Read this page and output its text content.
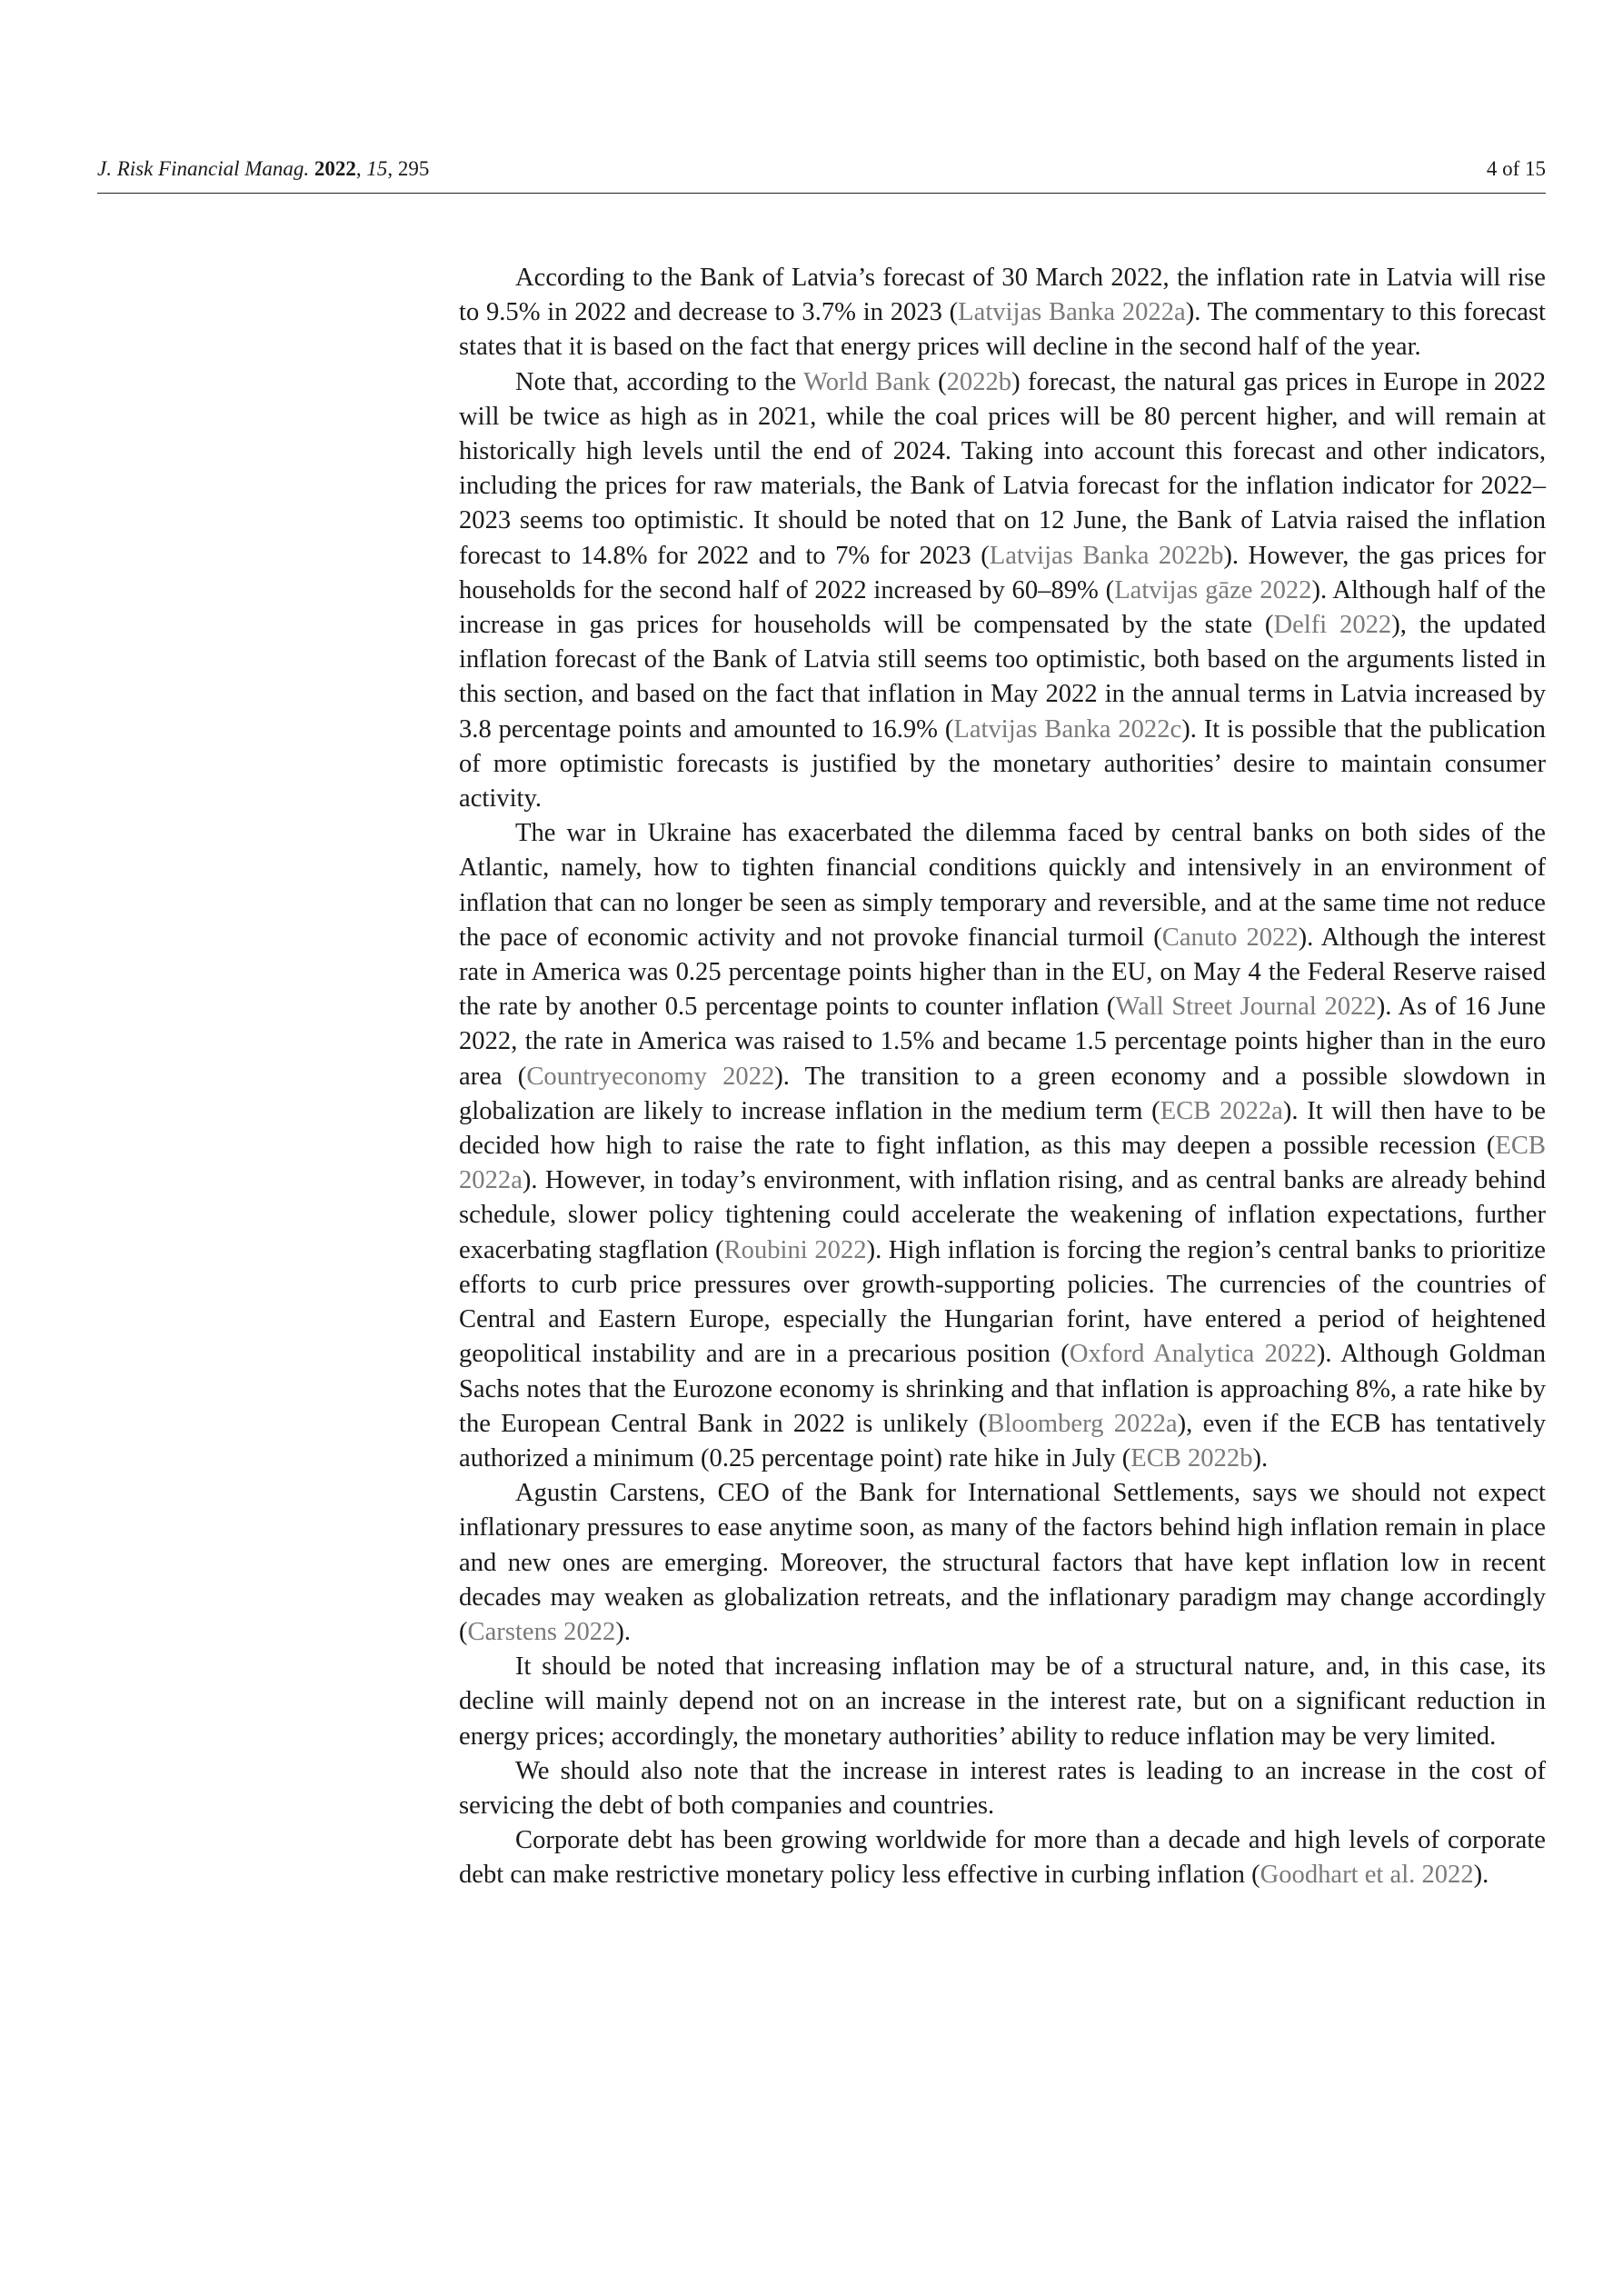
J. Risk Financial Manag. 2022, 15, 295	4 of 15

According to the Bank of Latvia’s forecast of 30 March 2022, the inflation rate in Latvia will rise to 9.5% in 2022 and decrease to 3.7% in 2023 (Latvijas Banka 2022a). The commentary to this forecast states that it is based on the fact that energy prices will decline in the second half of the year.

Note that, according to the World Bank (2022b) forecast, the natural gas prices in Europe in 2022 will be twice as high as in 2021, while the coal prices will be 80 percent higher, and will remain at historically high levels until the end of 2024. Taking into account this forecast and other indicators, including the prices for raw materials, the Bank of Latvia forecast for the inflation indicator for 2022–2023 seems too optimistic. It should be noted that on 12 June, the Bank of Latvia raised the inflation forecast to 14.8% for 2022 and to 7% for 2023 (Latvijas Banka 2022b). However, the gas prices for households for the second half of 2022 increased by 60–89% (Latvijas gāze 2022). Although half of the increase in gas prices for households will be compensated by the state (Delfi 2022), the updated inflation forecast of the Bank of Latvia still seems too optimistic, both based on the arguments listed in this section, and based on the fact that inflation in May 2022 in the annual terms in Latvia increased by 3.8 percentage points and amounted to 16.9% (Latvijas Banka 2022c). It is possible that the publication of more optimistic forecasts is justified by the monetary authorities’ desire to maintain consumer activity.

The war in Ukraine has exacerbated the dilemma faced by central banks on both sides of the Atlantic, namely, how to tighten financial conditions quickly and intensively in an environment of inflation that can no longer be seen as simply temporary and reversible, and at the same time not reduce the pace of economic activity and not provoke financial turmoil (Canuto 2022). Although the interest rate in America was 0.25 percentage points higher than in the EU, on May 4 the Federal Reserve raised the rate by another 0.5 percentage points to counter inflation (Wall Street Journal 2022). As of 16 June 2022, the rate in America was raised to 1.5% and became 1.5 percentage points higher than in the euro area (Countryeconomy 2022). The transition to a green economy and a possible slowdown in globalization are likely to increase inflation in the medium term (ECB 2022a). It will then have to be decided how high to raise the rate to fight inflation, as this may deepen a possible recession (ECB 2022a). However, in today’s environment, with inflation rising, and as central banks are already behind schedule, slower policy tightening could accelerate the weakening of inflation expectations, further exacerbating stagflation (Roubini 2022). High inflation is forcing the region’s central banks to prioritize efforts to curb price pressures over growth-supporting policies. The currencies of the countries of Central and Eastern Europe, especially the Hungarian forint, have entered a period of heightened geopolitical instability and are in a precarious position (Oxford Analytica 2022). Although Goldman Sachs notes that the Eurozone economy is shrinking and that inflation is approaching 8%, a rate hike by the European Central Bank in 2022 is unlikely (Bloomberg 2022a), even if the ECB has tentatively authorized a minimum (0.25 percentage point) rate hike in July (ECB 2022b).

Agustin Carstens, CEO of the Bank for International Settlements, says we should not expect inflationary pressures to ease anytime soon, as many of the factors behind high inflation remain in place and new ones are emerging. Moreover, the structural factors that have kept inflation low in recent decades may weaken as globalization retreats, and the inflationary paradigm may change accordingly (Carstens 2022).

It should be noted that increasing inflation may be of a structural nature, and, in this case, its decline will mainly depend not on an increase in the interest rate, but on a significant reduction in energy prices; accordingly, the monetary authorities’ ability to reduce inflation may be very limited.

We should also note that the increase in interest rates is leading to an increase in the cost of servicing the debt of both companies and countries.

Corporate debt has been growing worldwide for more than a decade and high levels of corporate debt can make restrictive monetary policy less effective in curbing inflation (Goodhart et al. 2022).
